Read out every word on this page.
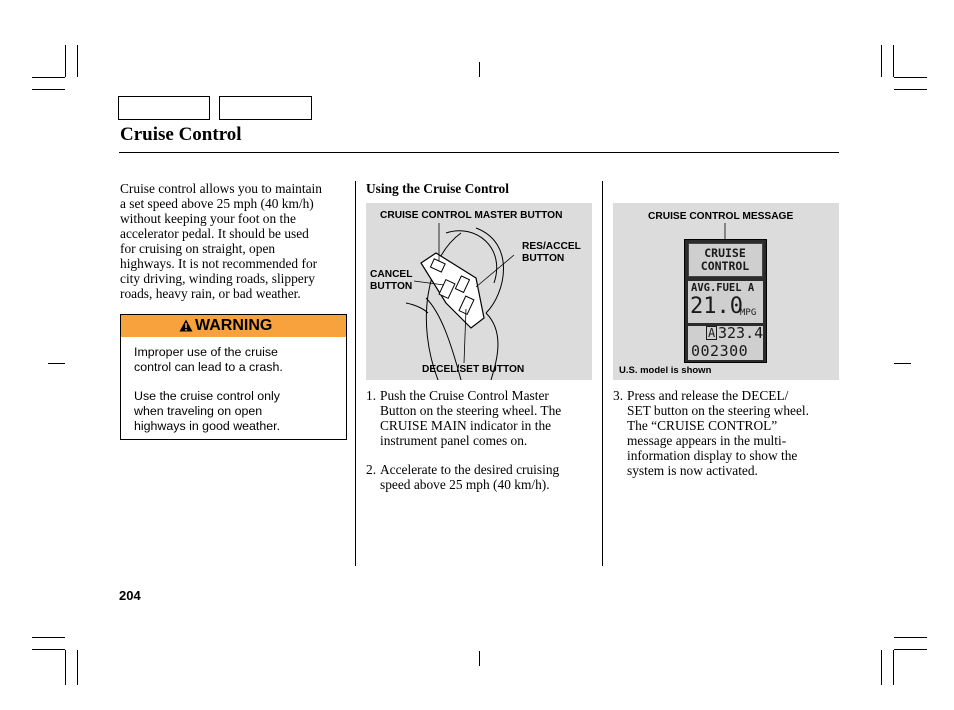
Cruise Control
Cruise control allows you to maintain
a set speed above 25 mph (40 km/h)
without keeping your foot on the
accelerator pedal. It should be used
for cruising on straight, open
highways. It is not recommended for
city driving, winding roads, slippery
roads, heavy rain, or bad weather.
WARNING
Improper use of the cruise
control can lead to a crash.
Use the cruise control only
when traveling on open
highways in good weather.
Using the Cruise Control
CRUISE CONTROL MASTER BUTTON
RES/ACCEL
BUTTON
CANCEL
BUTTON
DECEL/SET BUTTON
CRUISE CONTROL MESSAGE
U.S. model is shown
CRUISE
CONTROL
AVG.FUEL A
21.0
MPG
A 323.4
002300
1. Push the Cruise Control Master
Button on the steering wheel. The
CRUISE MAIN indicator in the
instrument panel comes on.
2. Accelerate to the desired cruising
speed above 25 mph (40 km/h).
3. Press and release the DECEL/
SET button on the steering wheel.
The “CRUISE CONTROL”
message appears in the multi-
information display to show the
system is now activated.
204
